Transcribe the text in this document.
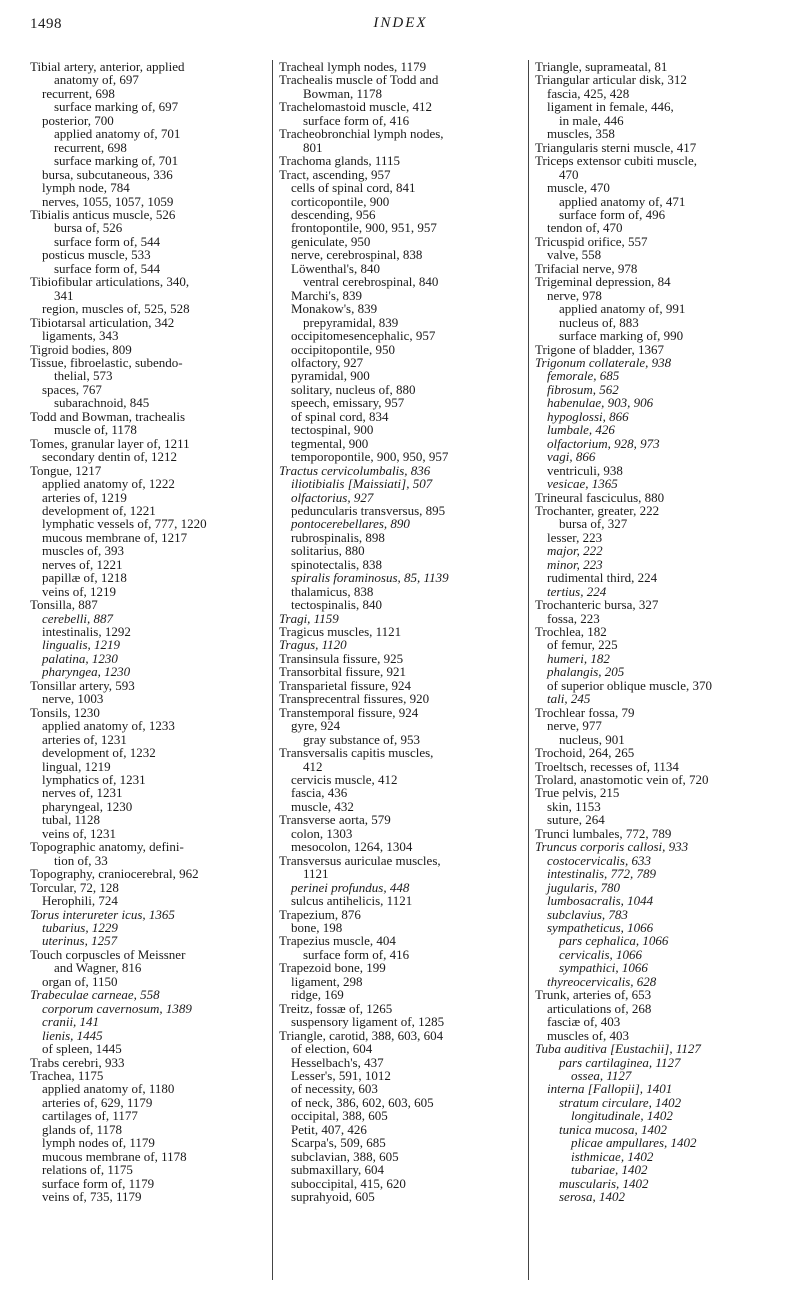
1498	INDEX

Tibial artery, anterior, applied

anatomy of, 697

recurrent, 698

surface marking of, 697

posterior, 700

applied anatomy of, 701

recurrent, 698

surface marking of, 701

bursa, subcutaneous, 336

lymph node, 784

nerves, 1055, 1057, 1059

Tibialis anticus muscle, 526

bursa of, 526

surface form of, 544

posticus muscle, 533

surface form of, 544

Tibiofibular articulations, 340,

341

region, muscles of, 525, 528

Tibiotarsal articulation, 342

ligaments, 343

Tigroid bodies, 809

Tissue, fibroelastic, subendo-

thelial, 573

spaces, 767

subarachnoid, 845

Todd and Bowman, trachealis

muscle of, 1178

Tomes, granular layer of, 1211

secondary dentin of, 1212

Tongue, 1217

applied anatomy of, 1222

arteries of, 1219

development of, 1221

lymphatic vessels of, 777, 1220

mucous membrane of, 1217

muscles of, 393

nerves of, 1221

papillæ of, 1218

veins of, 1219

Tonsilla, 887

cerebelli, 887

intestinalis, 1292

lingualis, 1219

palatina, 1230

pharyngea, 1230

Tonsillar artery, 593

nerve, 1003

Tonsils, 1230

applied anatomy of, 1233

arteries of, 1231

development of, 1232

lingual, 1219

lymphatics of, 1231

nerves of, 1231

pharyngeal, 1230

tubal, 1128

veins of, 1231

Topographic anatomy, defini-

tion of, 33

Topography, craniocerebral, 962

Torcular, 72, 128

Herophili, 724

Torus interureter icus, 1365

tubarius, 1229

uterinus, 1257

Touch corpuscles of Meissner

and Wagner, 816

organ of, 1150

Trabeculae carneae, 558

corporum cavernosum, 1389

cranii, 141

lienis, 1445

of spleen, 1445

Trabs cerebri, 933

Trachea, 1175

applied anatomy of, 1180

arteries of, 629, 1179

cartilages of, 1177

glands of, 1178

lymph nodes of, 1179

mucous membrane of, 1178

relations of, 1175

surface form of, 1179

veins of, 735, 1179

Tracheal lymph nodes, 1179

Trachealis muscle of Todd and

Bowman, 1178

Trachelomastoid muscle, 412

surface form of, 416

Tracheobronchial lymph nodes,

801

Trachoma glands, 1115

Tract, ascending, 957

cells of spinal cord, 841

corticopontile, 900

descending, 956

frontopontile, 900, 951, 957

geniculate, 950

nerve, cerebrospinal, 838

Löwenthal's, 840

ventral cerebrospinal, 840

Marchi's, 839

Monakow's, 839

prepyramidal, 839

occipitomesencephalic, 957

occipitopontile, 950

olfactory, 927

pyramidal, 900

solitary, nucleus of, 880

speech, emissary, 957

of spinal cord, 834

tectospinal, 900

tegmental, 900

temporopontile, 900, 950, 957

Tractus cervicolumbalis, 836

iliotibialis [Maissiati], 507

olfactorius, 927

peduncularis transversus, 895

pontocerebellares, 890

rubrospinalis, 898

solitarius, 880

spinotectalis, 838

spiralis foraminosus, 85, 1139

thalamicus, 838

tectospinalis, 840

Tragi, 1159

Tragicus muscles, 1121

Tragus, 1120

Transinsula fissure, 925

Transorbital fissure, 921

Transparietal fissure, 924

Transprecentral fissures, 920

Transtemporal fissure, 924

gyre, 924

gray substance of, 953

Transversalis capitis muscles,

412

cervicis muscle, 412

fascia, 436

muscle, 432

Transverse aorta, 579

colon, 1303

mesocolon, 1264, 1304

Transversus auriculae muscles,

1121

perinei profundus, 448

sulcus antihelicis, 1121

Trapezium, 876

bone, 198

Trapezius muscle, 404

surface form of, 416

Trapezoid bone, 199

ligament, 298

ridge, 169

Treitz, fossæ of, 1265

suspensory ligament of, 1285

Triangle, carotid, 388, 603, 604

of election, 604

Hesselbach's, 437

Lesser's, 591, 1012

of necessity, 603

of neck, 386, 602, 603, 605

occipital, 388, 605

Petit, 407, 426

Scarpa's, 509, 685

subclavian, 388, 605

submaxillary, 604

suboccipital, 415, 620

suprahyoid, 605

Triangle, suprameatal, 81

Triangular articular disk, 312

fascia, 425, 428

ligament in female, 446,

in male, 446

muscles, 358

Triangularis sterni muscle, 417

Triceps extensor cubiti muscle,

470

muscle, 470

applied anatomy of, 471

surface form of, 496

tendon of, 470

Tricuspid orifice, 557

valve, 558

Trifacial nerve, 978

Trigeminal depression, 84

nerve, 978

applied anatomy of, 991

nucleus of, 883

surface marking of, 990

Trigone of bladder, 1367

Trigonum collaterale, 938

femorale, 685

fibrosum, 562

habenulae, 903, 906

hypoglossi, 866

lumbale, 426

olfactorium, 928, 973

vagi, 866

ventriculi, 938

vesicae, 1365

Trineural fasciculus, 880

Trochanter, greater, 222

bursa of, 327

lesser, 223

major, 222

minor, 223

rudimental third, 224

tertius, 224

Trochanteric bursa, 327

fossa, 223

Trochlea, 182

of femur, 225

humeri, 182

phalangis, 205

of superior oblique muscle, 370

tali, 245

Trochlear fossa, 79

nerve, 977

nucleus, 901

Trochoid, 264, 265

Troeltsch, recesses of, 1134

Trolard, anastomotic vein of, 720

True pelvis, 215

skin, 1153

suture, 264

Trunci lumbales, 772, 789

Truncus corporis callosi, 933

costocervicalis, 633

intestinalis, 772, 789

jugularis, 780

lumbosacralis, 1044

subclavius, 783

sympatheticus, 1066

pars cephalica, 1066

cervicalis, 1066

sympathici, 1066

thyreocervicalis, 628

Trunk, arteries of, 653

articulations of, 268

fasciæ of, 403

muscles of, 403

Tuba auditiva [Eustachii], 1127

pars cartilaginea, 1127

ossea, 1127

interna [Fallopii], 1401

stratum circulare, 1402

longitudinale, 1402

tunica mucosa, 1402

plicae ampullares, 1402

isthmicae, 1402

tubariae, 1402

muscularis, 1402

serosa, 1402
